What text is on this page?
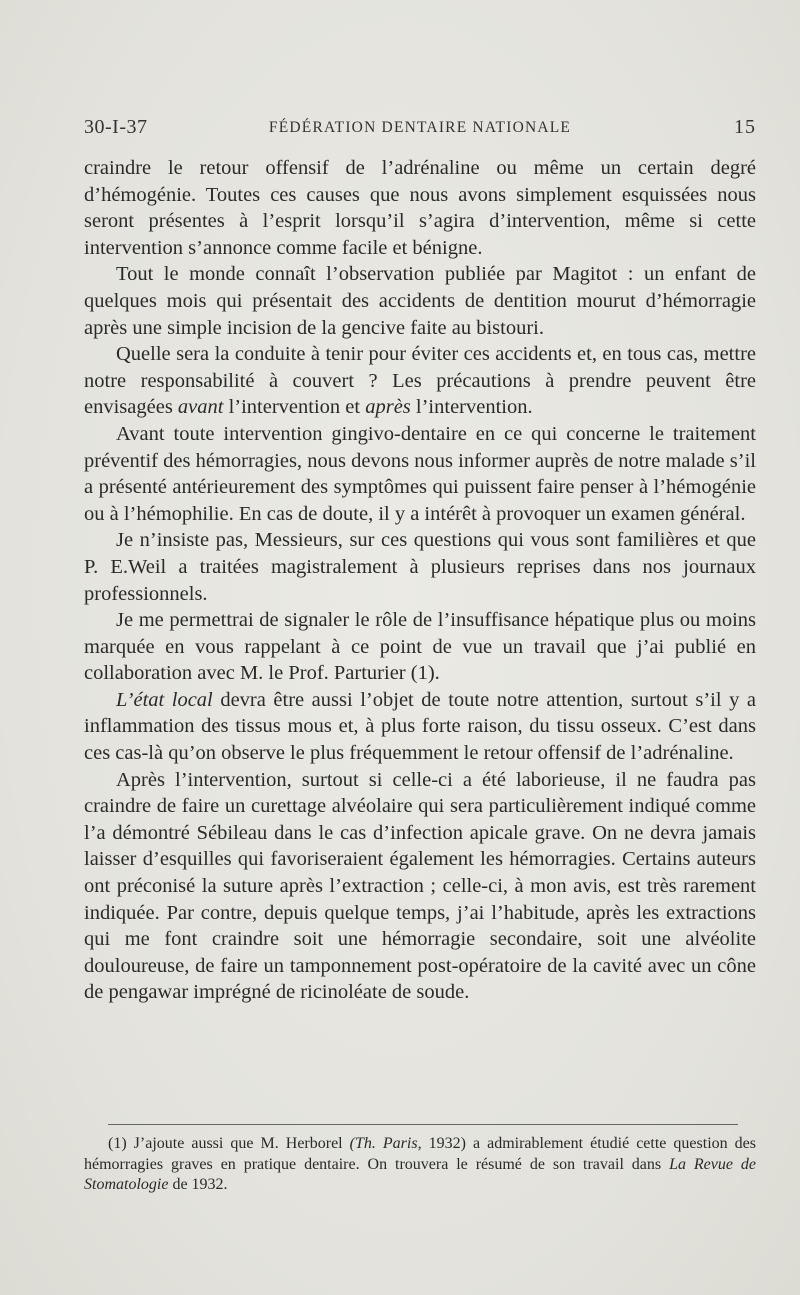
30-I-37	FÉDÉRATION DENTAIRE NATIONALE	15

craindre le retour offensif de l’adrénaline ou même un certain degré d’hémogénie. Toutes ces causes que nous avons simplement esquissées nous seront présentes à l’esprit lorsqu’il s’agira d’intervention, même si cette intervention s’annonce comme facile et bénigne.

Tout le monde connaît l’observation publiée par Magitot : un enfant de quelques mois qui présentait des accidents de dentition mourut d’hémorragie après une simple incision de la gencive faite au bistouri.

Quelle sera la conduite à tenir pour éviter ces accidents et, en tous cas, mettre notre responsabilité à couvert ? Les précautions à prendre peuvent être envisagées avant l’intervention et après l’intervention.

Avant toute intervention gingivo-dentaire en ce qui concerne le traitement préventif des hémorragies, nous devons nous informer auprès de notre malade s’il a présenté antérieurement des symptômes qui puissent faire penser à l’hémogénie ou à l’hémophilie. En cas de doute, il y a intérêt à provoquer un examen général.

Je n’insiste pas, Messieurs, sur ces questions qui vous sont familières et que P. E.Weil a traitées magistralement à plusieurs reprises dans nos journaux professionnels.

Je me permettrai de signaler le rôle de l’insuffisance hépatique plus ou moins marquée en vous rappelant à ce point de vue un travail que j’ai publié en collaboration avec M. le Prof. Parturier (1).

L’état local devra être aussi l’objet de toute notre attention, surtout s’il y a inflammation des tissus mous et, à plus forte raison, du tissu osseux. C’est dans ces cas-là qu’on observe le plus fréquemment le retour offensif de l’adrénaline.

Après l’intervention, surtout si celle-ci a été laborieuse, il ne faudra pas craindre de faire un curettage alvéolaire qui sera particulièrement indiqué comme l’a démontré Sébileau dans le cas d’infection apicale grave. On ne devra jamais laisser d’esquilles qui favoriseraient également les hémorragies. Certains auteurs ont préconisé la suture après l’extraction ; celle-ci, à mon avis, est très rarement indiquée. Par contre, depuis quelque temps, j’ai l’habitude, après les extractions qui me font craindre soit une hémorragie secondaire, soit une alvéolite douloureuse, de faire un tamponnement post-opératoire de la cavité avec un cône de pengawar imprégné de ricinoléate de soude.

(1) J’ajoute aussi que M. Herborel (Th. Paris, 1932) a admirablement étudié cette question des hémorragies graves en pratique dentaire. On trouvera le résumé de son travail dans La Revue de Stomatologie de 1932.
